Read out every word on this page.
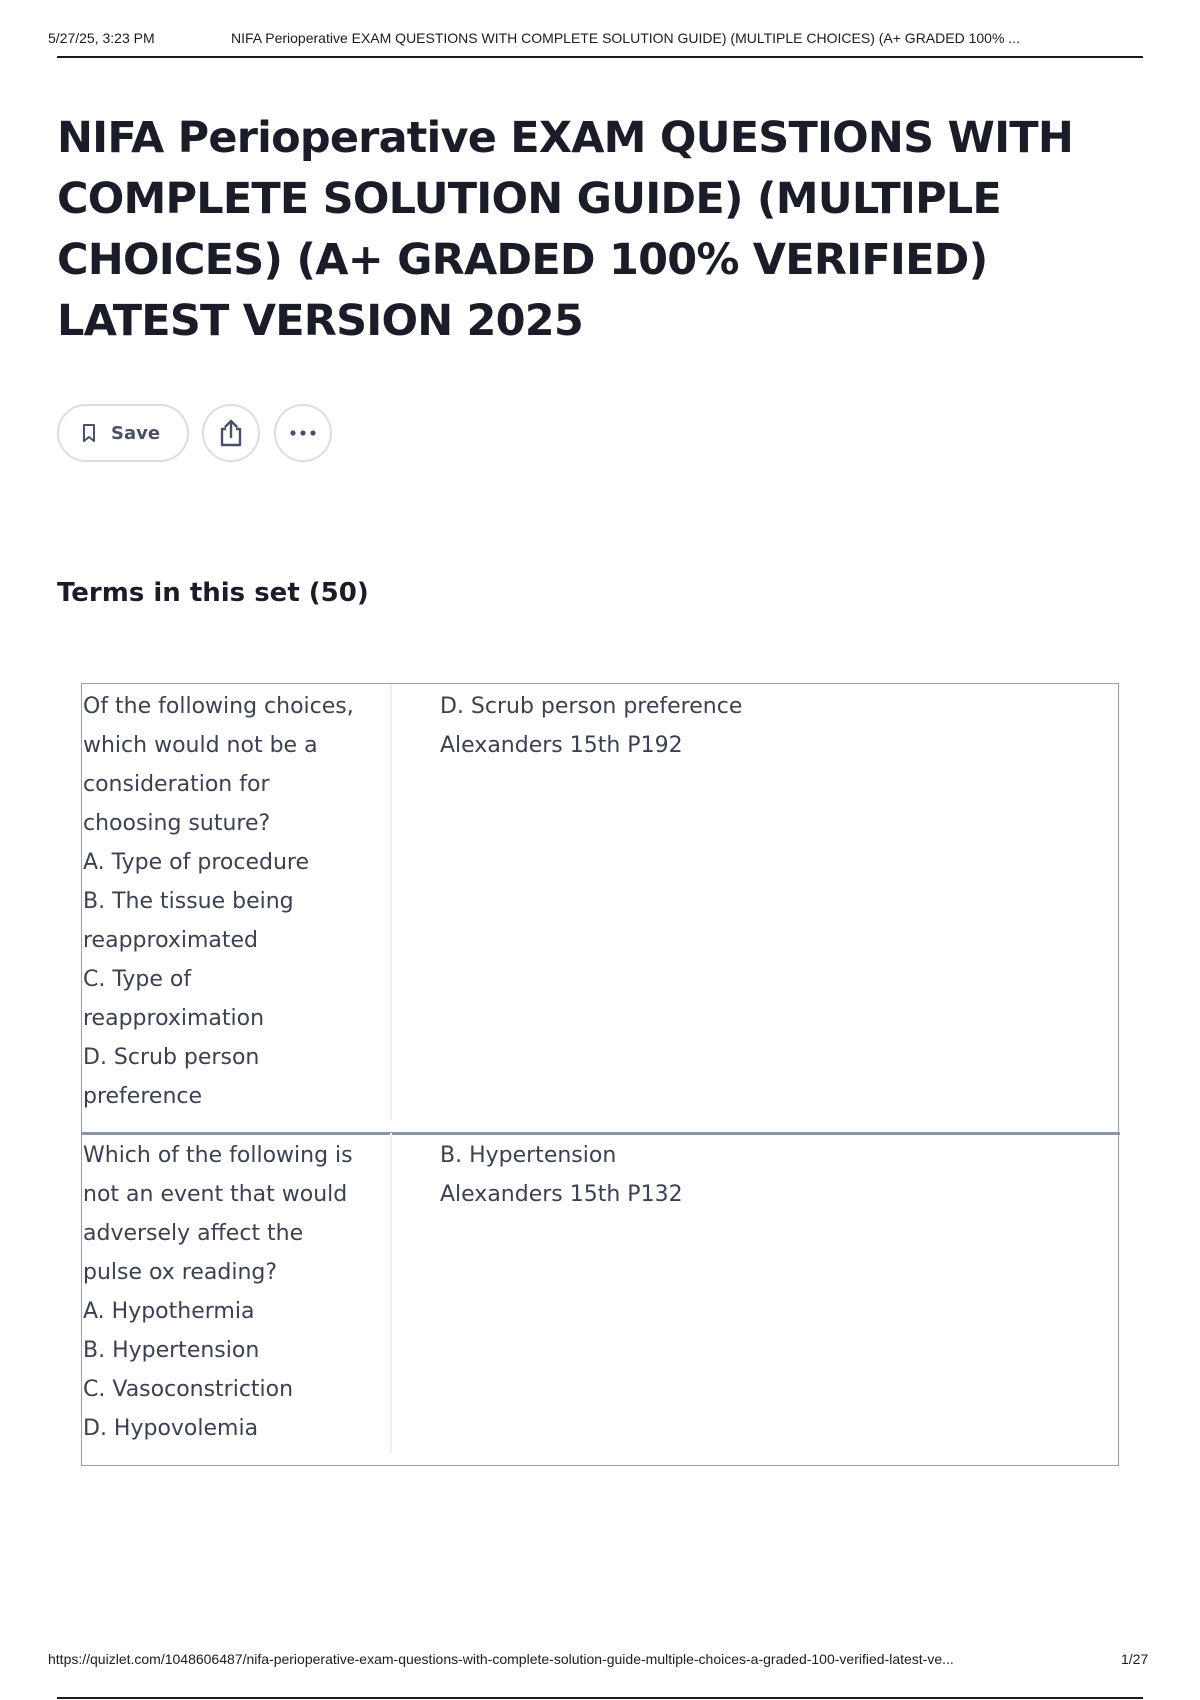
5/27/25, 3:23 PM	NIFA Perioperative EXAM QUESTIONS WITH COMPLETE SOLUTION GUIDE) (MULTIPLE CHOICES) (A+ GRADED 100% ...
NIFA Perioperative EXAM QUESTIONS WITH COMPLETE SOLUTION GUIDE) (MULTIPLE CHOICES) (A+ GRADED 100% VERIFIED) LATEST VERSION 2025
Save
Terms in this set (50)
Of the following choices,
which would not be a
consideration for
choosing suture?
A. Type of procedure
B. The tissue being
reapproximated
C. Type of
reapproximation
D. Scrub person
preference
D. Scrub person preference
Alexanders 15th P192
Which of the following is
not an event that would
adversely affect the
pulse ox reading?
A. Hypothermia
B. Hypertension
C. Vasoconstriction
D. Hypovolemia
B. Hypertension
Alexanders 15th P132
https://quizlet.com/1048606487/nifa-perioperative-exam-questions-with-complete-solution-guide-multiple-choices-a-graded-100-verified-latest-ve...	1/27
